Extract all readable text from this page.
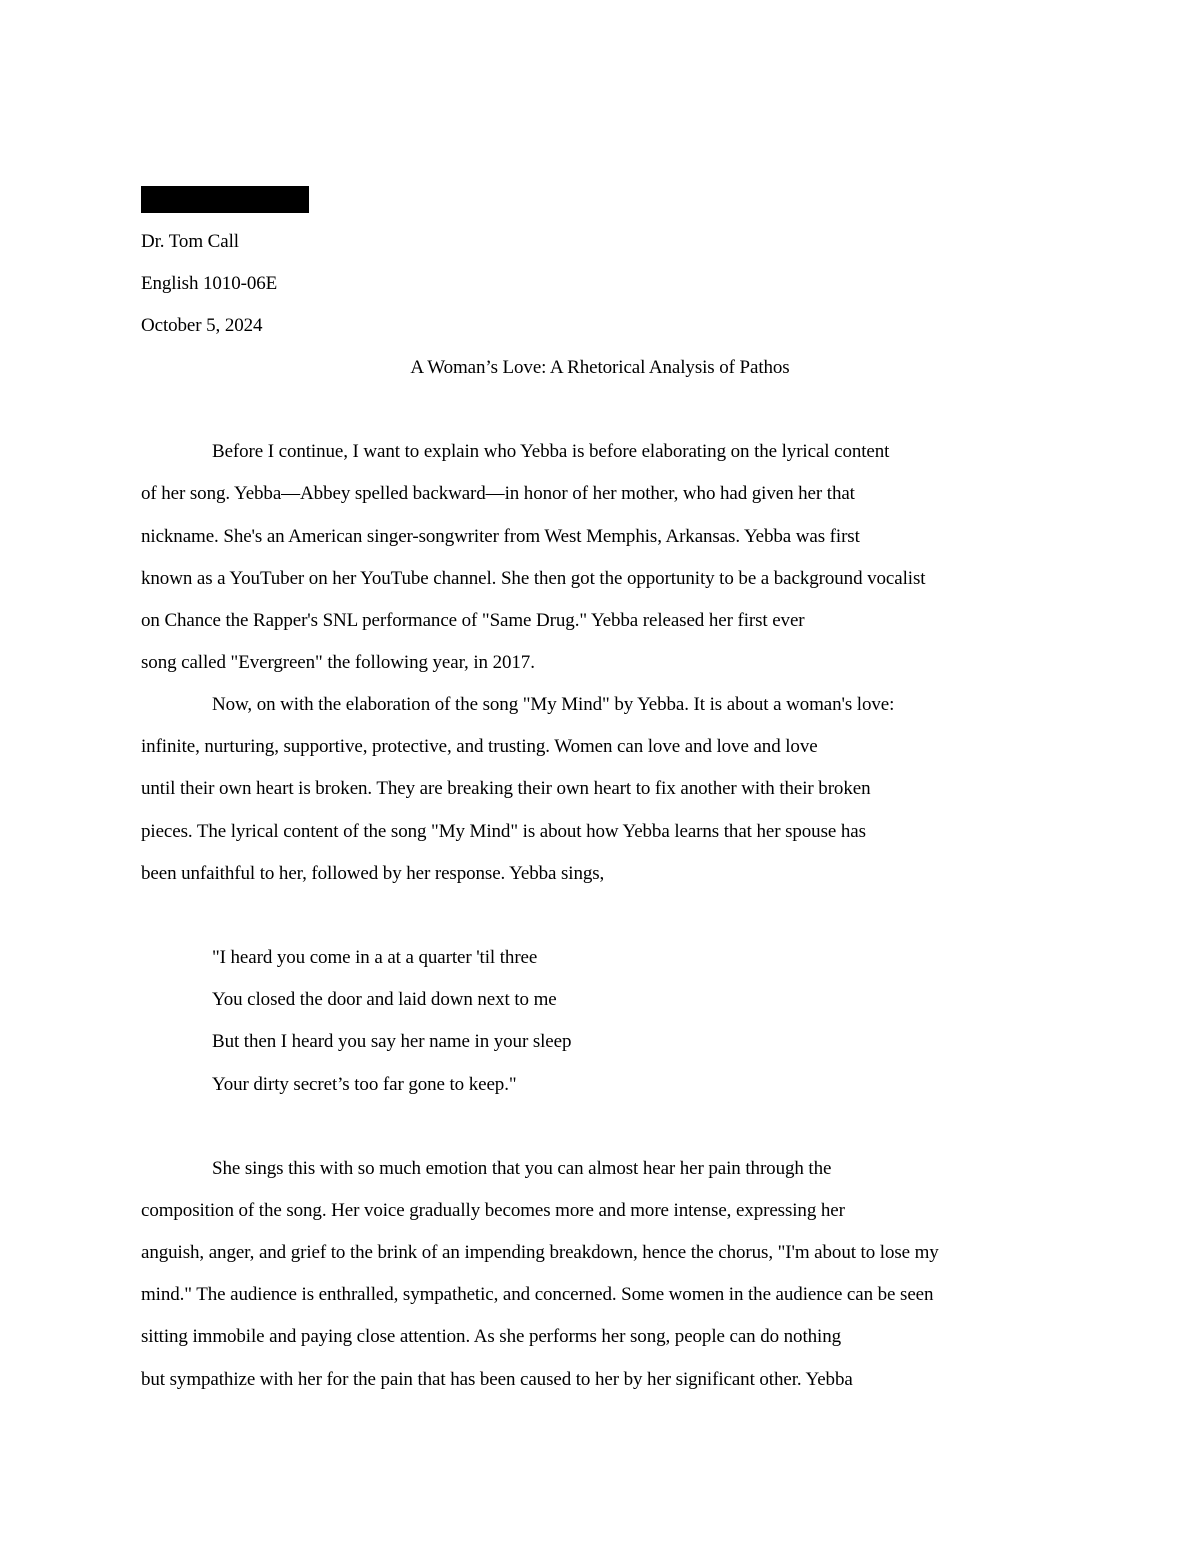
Dr. Tom Call
English 1010-06E
October 5, 2024
A Woman’s Love: A Rhetorical Analysis of Pathos
Before I continue, I want to explain who Yebba is before elaborating on the lyrical content
of her song. Yebba—Abbey spelled backward—in honor of her mother, who had given her that
nickname. She's an American singer-songwriter from West Memphis, Arkansas. Yebba was first
known as a YouTuber on her YouTube channel. She then got the opportunity to be a background vocalist
on Chance the Rapper's SNL performance of "Same Drug." Yebba released her first ever
song called "Evergreen" the following year, in 2017.
Now, on with the elaboration of the song "My Mind" by Yebba. It is about a woman's love:
infinite, nurturing, supportive, protective, and trusting. Women can love and love and love
until their own heart is broken. They are breaking their own heart to fix another with their broken
pieces. The lyrical content of the song "My Mind" is about how Yebba learns that her spouse has
been unfaithful to her, followed by her response. Yebba sings,
"I heard you come in a at a quarter 'til three
You closed the door and laid down next to me
But then I heard you say her name in your sleep
Your dirty secret’s too far gone to keep."
She sings this with so much emotion that you can almost hear her pain through the
composition of the song. Her voice gradually becomes more and more intense, expressing her
anguish, anger, and grief to the brink of an impending breakdown, hence the chorus, "I'm about to lose my
mind." The audience is enthralled, sympathetic, and concerned. Some women in the audience can be seen
sitting immobile and paying close attention. As she performs her song, people can do nothing
but sympathize with her for the pain that has been caused to her by her significant other. Yebba
